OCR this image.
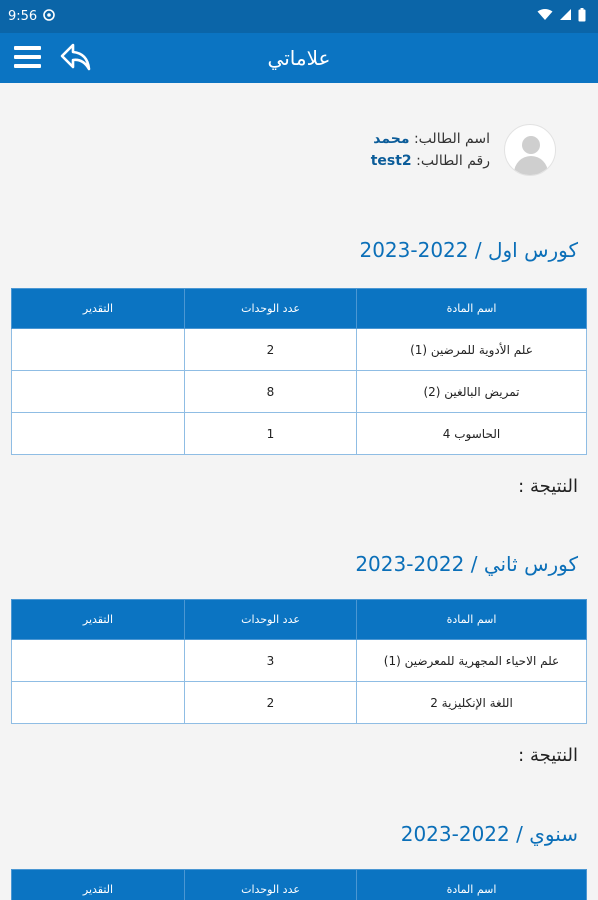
9:56
علاماتي
اسم الطالب: محمد
رقم الطالب: test2
كورس اول / 2022-2023
اسم المادة	عدد الوحدات	التقدير
علم الأدوية للمرضين (1)	2	
تمريض البالغين (2)	8	
الحاسوب 4	1	
النتيجة :
كورس ثاني / 2022-2023
اسم المادة	عدد الوحدات	التقدير
علم الاحياء المجهرية للمعرضين (1)	3	
اللغة الإنكليزية 2	2	
النتيجة :
سنوي / 2022-2023
اسم المادة	عدد الوحدات	التقدير
